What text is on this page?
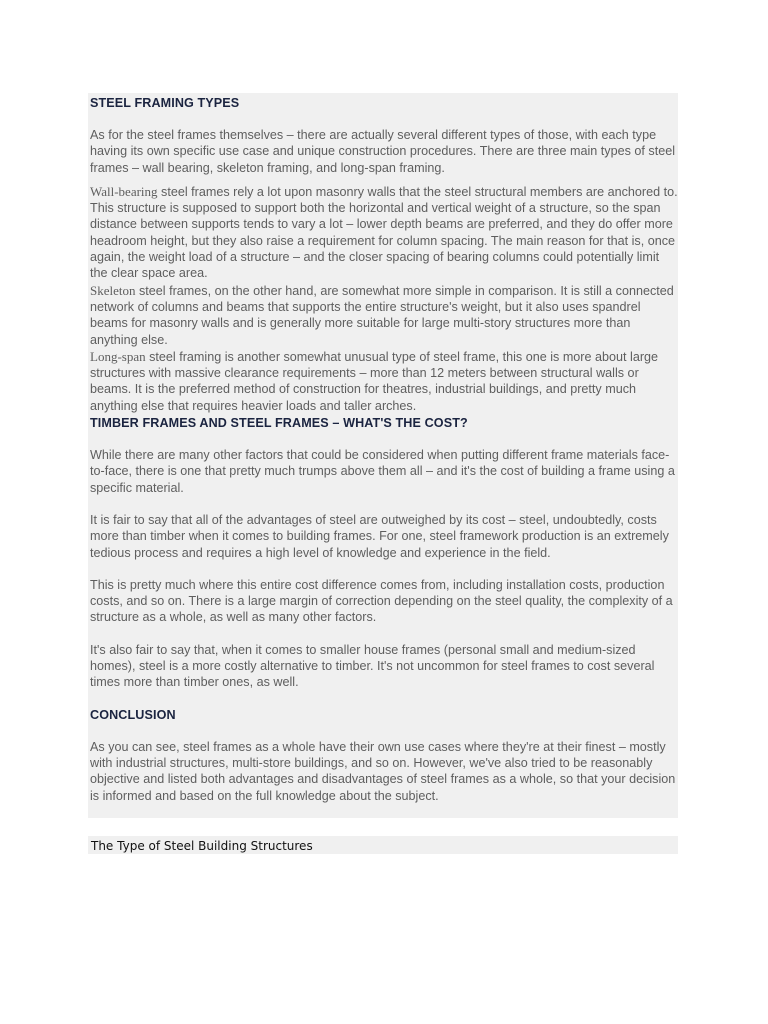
STEEL FRAMING TYPES

As for the steel frames themselves – there are actually several different types of those, with each type having its own specific use case and unique construction procedures. There are three main types of steel frames – wall bearing, skeleton framing, and long-span framing.

Wall-bearing steel frames rely a lot upon masonry walls that the steel structural members are anchored to. This structure is supposed to support both the horizontal and vertical weight of a structure, so the span distance between supports tends to vary a lot – lower depth beams are preferred, and they do offer more headroom height, but they also raise a requirement for column spacing. The main reason for that is, once again, the weight load of a structure – and the closer spacing of bearing columns could potentially limit the clear space area.

Skeleton steel frames, on the other hand, are somewhat more simple in comparison. It is still a connected network of columns and beams that supports the entire structure's weight, but it also uses spandrel beams for masonry walls and is generally more suitable for large multi-story structures more than anything else.

Long-span steel framing is another somewhat unusual type of steel frame, this one is more about large structures with massive clearance requirements – more than 12 meters between structural walls or beams. It is the preferred method of construction for theatres, industrial buildings, and pretty much anything else that requires heavier loads and taller arches.

TIMBER FRAMES AND STEEL FRAMES – WHAT'S THE COST?

While there are many other factors that could be considered when putting different frame materials face-to-face, there is one that pretty much trumps above them all – and it's the cost of building a frame using a specific material.

It is fair to say that all of the advantages of steel are outweighed by its cost – steel, undoubtedly, costs more than timber when it comes to building frames. For one, steel framework production is an extremely tedious process and requires a high level of knowledge and experience in the field.

This is pretty much where this entire cost difference comes from, including installation costs, production costs, and so on. There is a large margin of correction depending on the steel quality, the complexity of a structure as a whole, as well as many other factors.

It's also fair to say that, when it comes to smaller house frames (personal small and medium-sized homes), steel is a more costly alternative to timber. It's not uncommon for steel frames to cost several times more than timber ones, as well.

CONCLUSION

As you can see, steel frames as a whole have their own use cases where they're at their finest – mostly with industrial structures, multi-store buildings, and so on. However, we've also tried to be reasonably objective and listed both advantages and disadvantages of steel frames as a whole, so that your decision is informed and based on the full knowledge about the subject.

The Type of Steel Building Structures
